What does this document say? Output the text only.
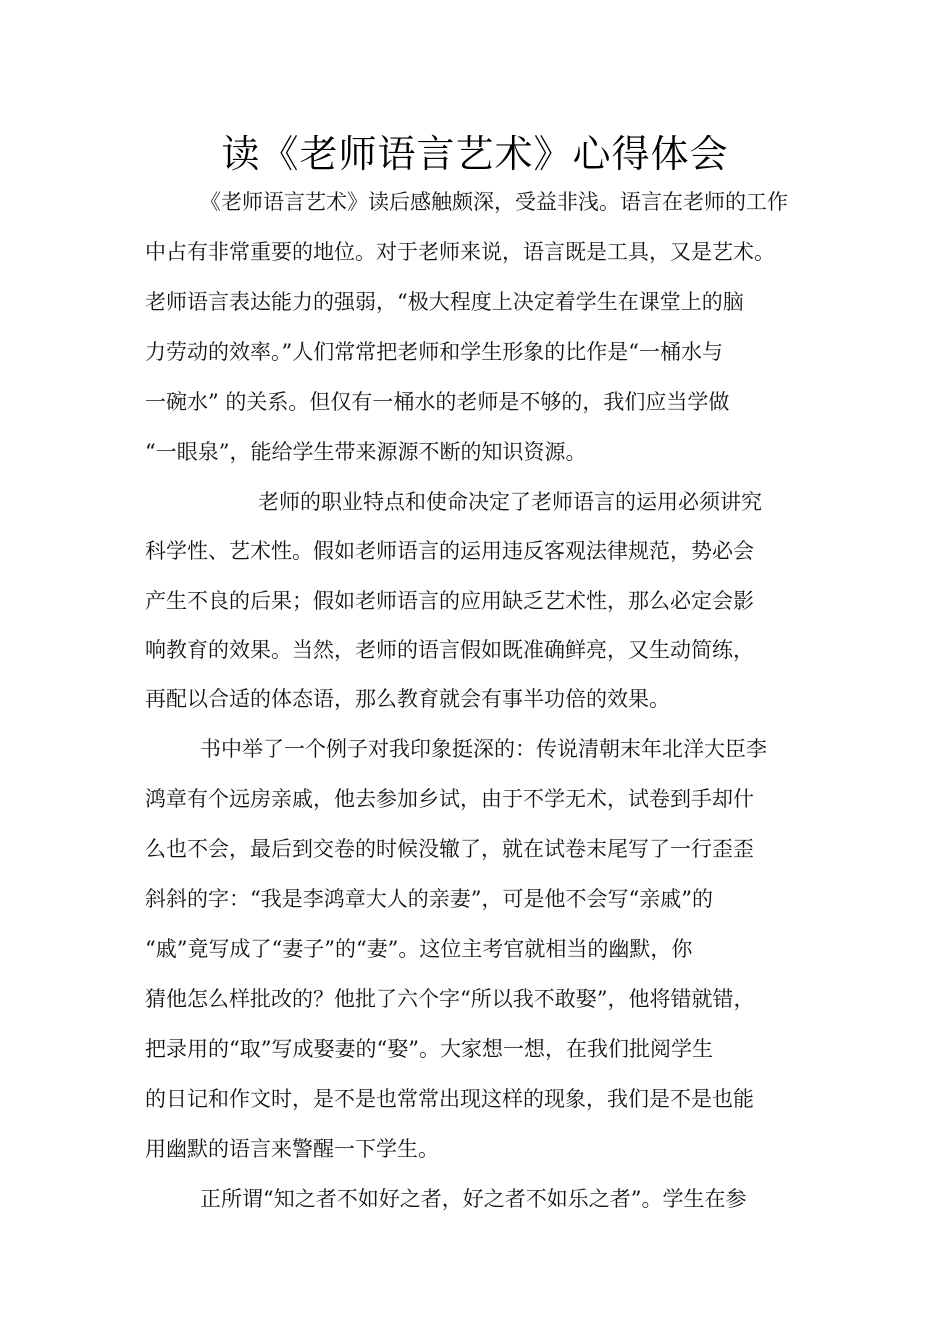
读《老师语言艺术》心得体会
《老师语言艺术》读后感触颇深，受益非浅。语言在老师的工作
中占有非常重要的地位。对于老师来说，语言既是工具，又是艺术。
老师语言表达能力的强弱，“极大程度上决定着学生在课堂上的脑
力劳动的效率。”人们常常把老师和学生形象的比作是“一桶水与
一碗水” 的关系。但仅有一桶水的老师是不够的，我们应当学做
“一眼泉”，能给学生带来源源不断的知识资源。
老师的职业特点和使命决定了老师语言的运用必须讲究
科学性、艺术性。假如老师语言的运用违反客观法律规范，势必会
产生不良的后果；假如老师语言的应用缺乏艺术性，那么必定会影
响教育的效果。当然，老师的语言假如既准确鲜亮，又生动简练，
再配以合适的体态语，那么教育就会有事半功倍的效果。
书中举了一个例子对我印象挺深的：传说清朝末年北洋大臣李
鸿章有个远房亲戚，他去参加乡试，由于不学无术，试卷到手却什
么也不会，最后到交卷的时候没辙了，就在试卷末尾写了一行歪歪
斜斜的字：“我是李鸿章大人的亲妻”，可是他不会写“亲戚”的
“戚”竟写成了“妻子”的“妻”。这位主考官就相当的幽默，你
猜他怎么样批改的？他批了六个字“所以我不敢娶”，他将错就错，
把录用的“取”写成娶妻的“娶”。大家想一想，在我们批阅学生
的日记和作文时，是不是也常常出现这样的现象，我们是不是也能
用幽默的语言来警醒一下学生。
正所谓“知之者不如好之者，好之者不如乐之者”。学生在参
